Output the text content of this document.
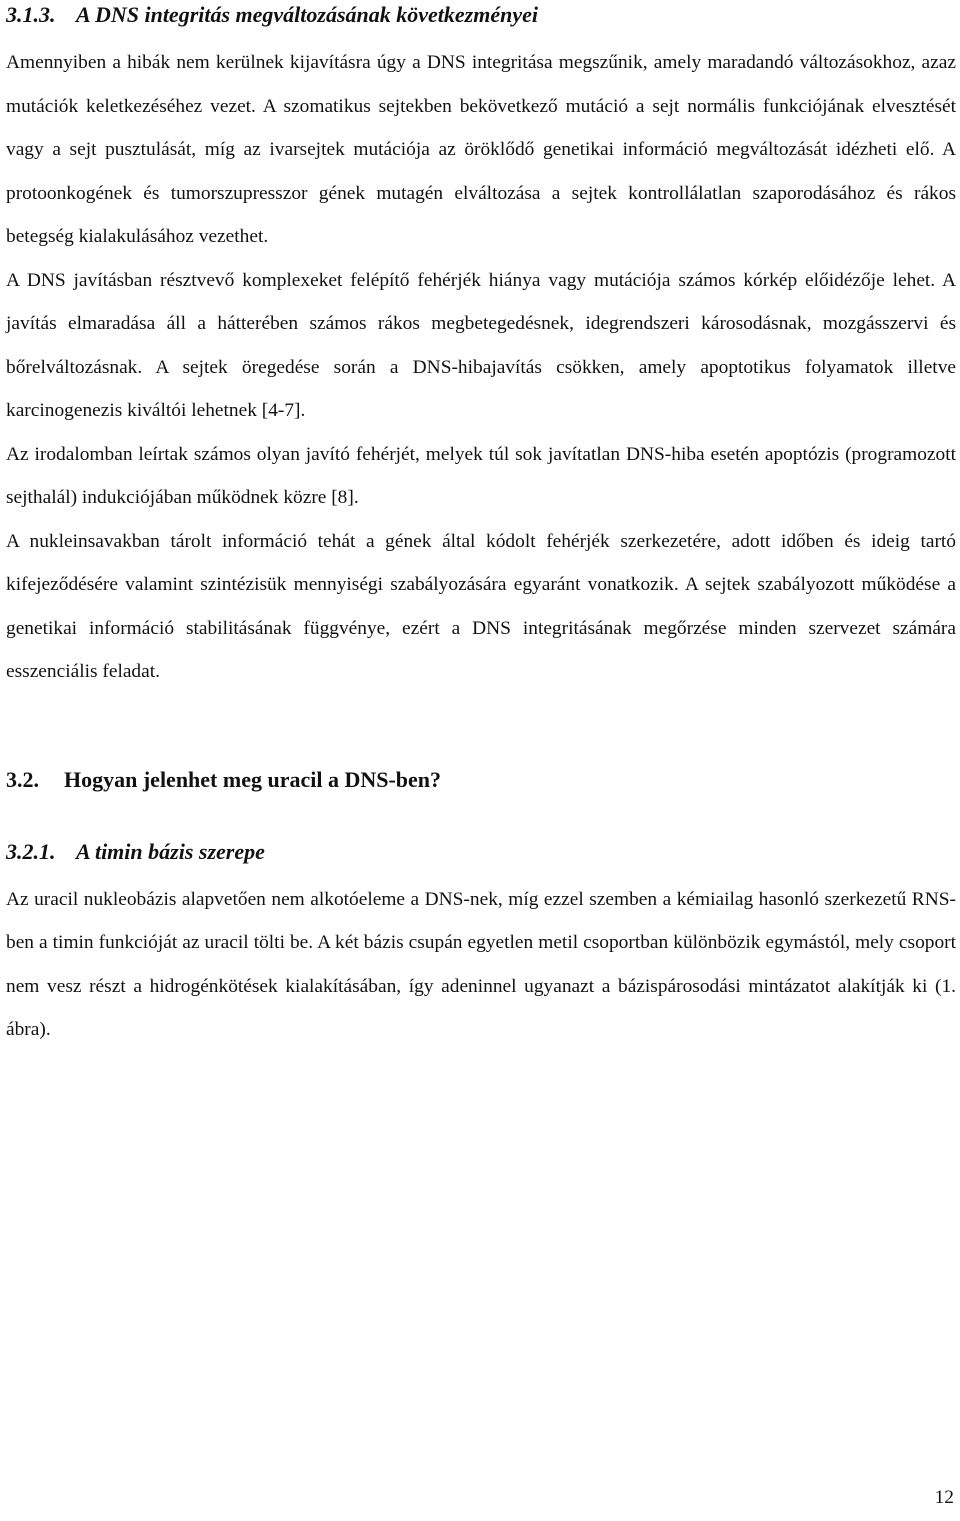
3.1.3. A DNS integritás megváltozásának következményei

Amennyiben a hibák nem kerülnek kijavításra úgy a DNS integritása megszűnik, amely maradandó változásokhoz, azaz mutációk keletkezéséhez vezet. A szomatikus sejtekben bekövetkező mutáció a sejt normális funkciójának elvesztését vagy a sejt pusztulását, míg az ivarsejtek mutációja az öröklődő genetikai információ megváltozását idézheti elő. A protoonkogének és tumorszupresszor gének mutagén elváltozása a sejtek kontrollálatlan szaporodásához és rákos betegség kialakulásához vezethet.

A DNS javításban résztvevő komplexeket felépítő fehérjék hiánya vagy mutációja számos kórkép előidézője lehet. A javítás elmaradása áll a hátterében számos rákos megbetegedésnek, idegrendszeri károsodásnak, mozgásszervi és bőrelváltozásnak. A sejtek öregedése során a DNS-hibajavítás csökken, amely apoptotikus folyamatok illetve karcinogenezis kiváltói lehetnek [4-7].

Az irodalomban leírtak számos olyan javító fehérjét, melyek túl sok javítatlan DNS-hiba esetén apoptózis (programozott sejthalál) indukciójában működnek közre [8].

A nukleinsavakban tárolt információ tehát a gének által kódolt fehérjék szerkezetére, adott időben és ideig tartó kifejeződésére valamint szintézisük mennyiségi szabályozására egyaránt vonatkozik. A sejtek szabályozott működése a genetikai információ stabilitásának függvénye, ezért a DNS integritásának megőrzése minden szervezet számára esszenciális feladat.

3.2. Hogyan jelenhet meg uracil a DNS-ben?
3.2.1. A timin bázis szerepe

Az uracil nukleobázis alapvetően nem alkotóeleme a DNS-nek, míg ezzel szemben a kémiailag hasonló szerkezetű RNS-ben a timin funkcióját az uracil tölti be. A két bázis csupán egyetlen metil csoportban különbözik egymástól, mely csoport nem vesz részt a hidrogénkötések kialakításában, így adeninnel ugyanazt a bázispárosodási mintázatot alakítják ki (1. ábra).

12
